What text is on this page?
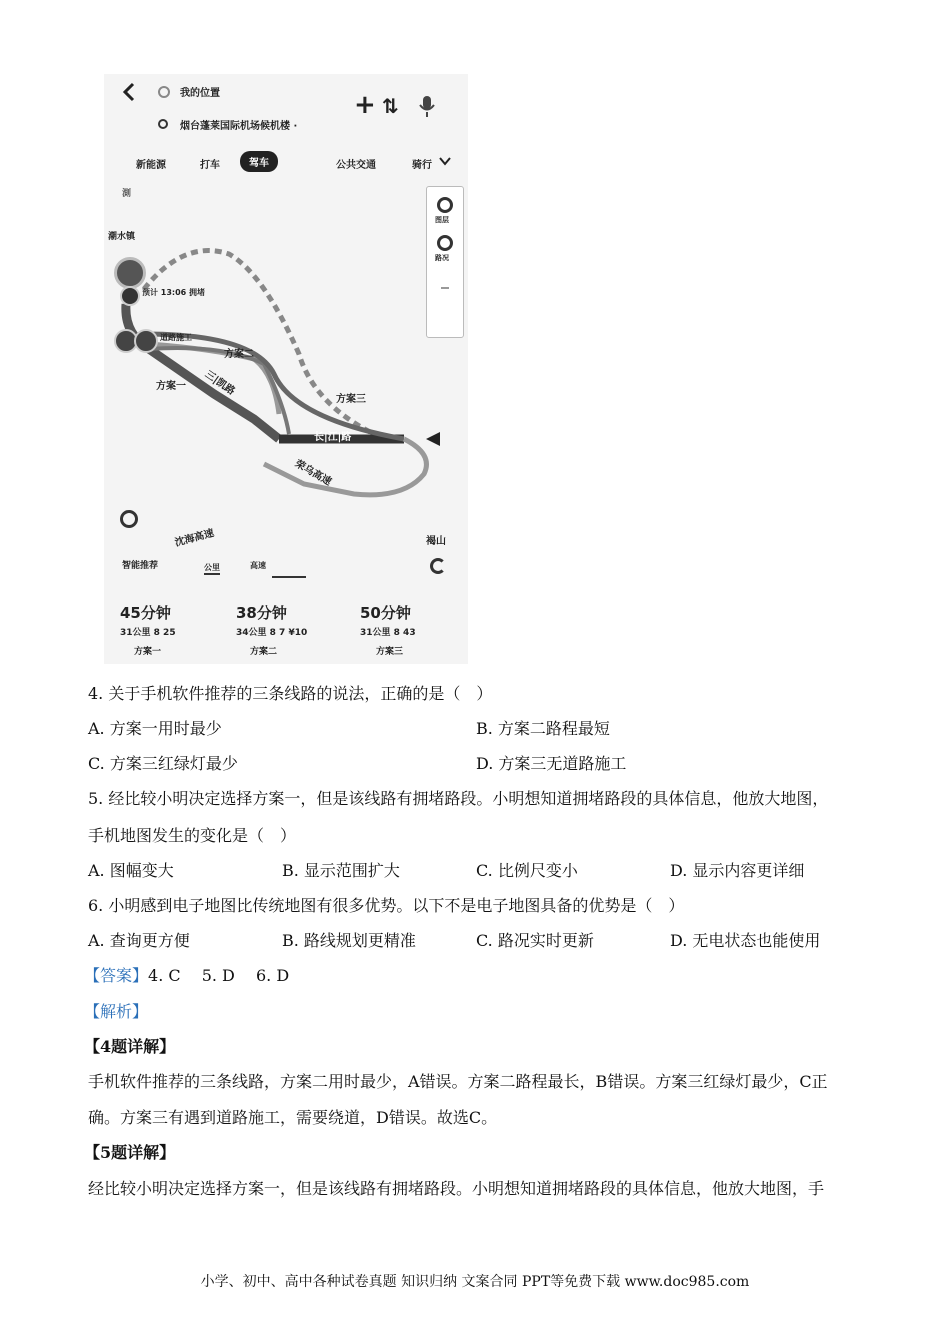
我的位置
烟台蓬莱国际机场候机楼 ·
+ ⇅
新能源	打车	驾车	公共交通	骑行
图层
路况
測
潮水镇
预计 13:06 拥堵
道路施工
方案二
方案一
方案三
三|凯路
长|江|路
荣乌高速
沈海高速	褐山
智能推荐	公里	高速
45分钟
31公里 8 25
方案一
38分钟
34公里 8 7 ¥10
方案二
50分钟
31公里 8 43
方案三
4. 关于手机软件推荐的三条线路的说法，正确的是（　）
A. 方案一用时最少	B. 方案二路程最短
C. 方案三红绿灯最少	D. 方案三无道路施工
5. 经比较小明决定选择方案一，但是该线路有拥堵路段。小明想知道拥堵路段的具体信息，他放大地图，
手机地图发生的变化是（　）
A. 图幅变大	B. 显示范围扩大	C. 比例尺变小	D. 显示内容更详细
6. 小明感到电子地图比传统地图有很多优势。以下不是电子地图具备的优势是（　）
A. 查询更方便	B. 路线规划更精准	C. 路况实时更新	D. 无电状态也能使用
【答案】4. C　 5. D　 6. D
【解析】
【4题详解】
手机软件推荐的三条线路，方案二用时最少，A错误。方案二路程最长，B错误。方案三红绿灯最少，C正
确。方案三有遇到道路施工，需要绕道，D错误。故选C。
【5题详解】
经比较小明决定选择方案一，但是该线路有拥堵路段。小明想知道拥堵路段的具体信息，他放大地图，手
小学、初中、高中各种试卷真题 知识归纳 文案合同 PPT等免费下载 www.doc985.com
